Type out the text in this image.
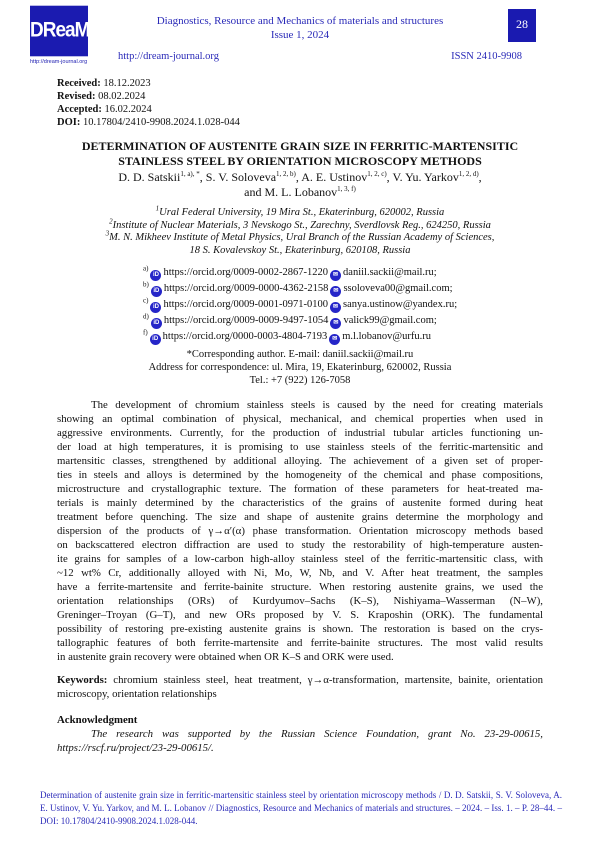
DReaM
http://dream-journal.org
Diagnostics, Resource and Mechanics of materials and structures
Issue 1, 2024
28
http://dream-journal.org	ISSN 2410-9908
Received: 18.12.2023
Revised: 08.02.2024
Accepted: 16.02.2024
DOI: 10.17804/2410-9908.2024.1.028-044
DETERMINATION OF AUSTENITE GRAIN SIZE IN FERRITIC-MARTENSITIC
STAINLESS STEEL BY ORIENTATION MICROSCOPY METHODS
D. D. Satskii1, a), *, S. V. Soloveva1, 2, b), A. E. Ustinov1, 2, c), V. Yu. Yarkov1, 2, d),
and M. L. Lobanov1, 3, f)
1Ural Federal University, 19 Mira St., Ekaterinburg, 620002, Russia
2Institute of Nuclear Materials, 3 Nevskogo St., Zarechny, Sverdlovsk Reg., 624250, Russia
3M. N. Mikheev Institute of Metal Physics, Ural Branch of the Russian Academy of Sciences,
18 S. Kovalevskoy St., Ekaterinburg, 620108, Russia
a)iD https://orcid.org/0009-0002-2867-1220 ✉ daniil.sackii@mail.ru;
b)iD https://orcid.org/0009-0000-4362-2158 ✉ ssoloveva00@gmail.com;
c)iD https://orcid.org/0009-0001-0971-0100 ✉ sanya.ustinow@yandex.ru;
d)iD https://orcid.org/0009-0009-9497-1054 ✉ valick99@gmail.com;
f)iD https://orcid.org/0000-0003-4804-7193 ✉ m.l.lobanov@urfu.ru
*Corresponding author. E-mail: daniil.sackii@mail.ru
Address for correspondence: ul. Mira, 19, Ekaterinburg, 620002, Russia
Tel.: +7 (922) 126-7058
The development of chromium stainless steels is caused by the need for creating materials
showing an optimal combination of physical, mechanical, and chemical properties when used in
aggressive environments. Currently, for the production of industrial tubular articles functioning un-
der load at high temperatures, it is promising to use stainless steels of the ferritic-martensitic and
martensitic classes, strengthened by additional alloying. The achievement of a given set of proper-
ties in steels and alloys is determined by the homogeneity of the chemical and phase compositions,
microstructure and crystallographic texture. The formation of these parameters for heat-treated ma-
terials is mainly determined by the characteristics of the grains of austenite formed during heat
treatment before quenching. The size and shape of austenite grains determine the morphology and
dispersion of the products of γ→α′(α) phase transformation. Orientation microscopy methods based
on backscattered electron diffraction are used to study the restorability of high-temperature austen-
ite grains for samples of a low-carbon high-alloy stainless steel of the ferritic-martensitic class, with
~12 wt% Cr, additionally alloyed with Ni, Mo, W, Nb, and V. After heat treatment, the samples
have a ferrite-martensite and ferrite-bainite structure. When restoring austenite grains, we used the
orientation relationships (ORs) of Kurdyumov–Sachs (K–S), Nishiyama–Wasserman (N–W),
Greninger–Troyan (G–T), and new ORs proposed by V. S. Kraposhin (ORK). The fundamental
possibility of restoring pre-existing austenite grains is shown. The restoration is based on the crys-
tallographic features of both ferrite-martensite and ferrite-bainite structures. The most valid results
in austenite grain recovery were obtained when OR K–S and ORK were used.
Keywords: chromium stainless steel, heat treatment, γ→α-transformation, martensite, bainite, orientation microscopy, orientation relationships
Acknowledgment
The research was supported by the Russian Science Foundation, grant No. 23-29-00615, https://rscf.ru/project/23-29-00615/.
Determination of austenite grain size in ferritic-martensitic stainless steel by orientation microscopy methods / D. D. Satskii, S. V. Soloveva, A. E. Ustinov, V. Yu. Yarkov, and M. L. Lobanov // Diagnostics, Resource and Mechanics of materials and structures. – 2024. – Iss. 1. – P. 28–44. – DOI: 10.17804/2410-9908.2024.1.028-044.
